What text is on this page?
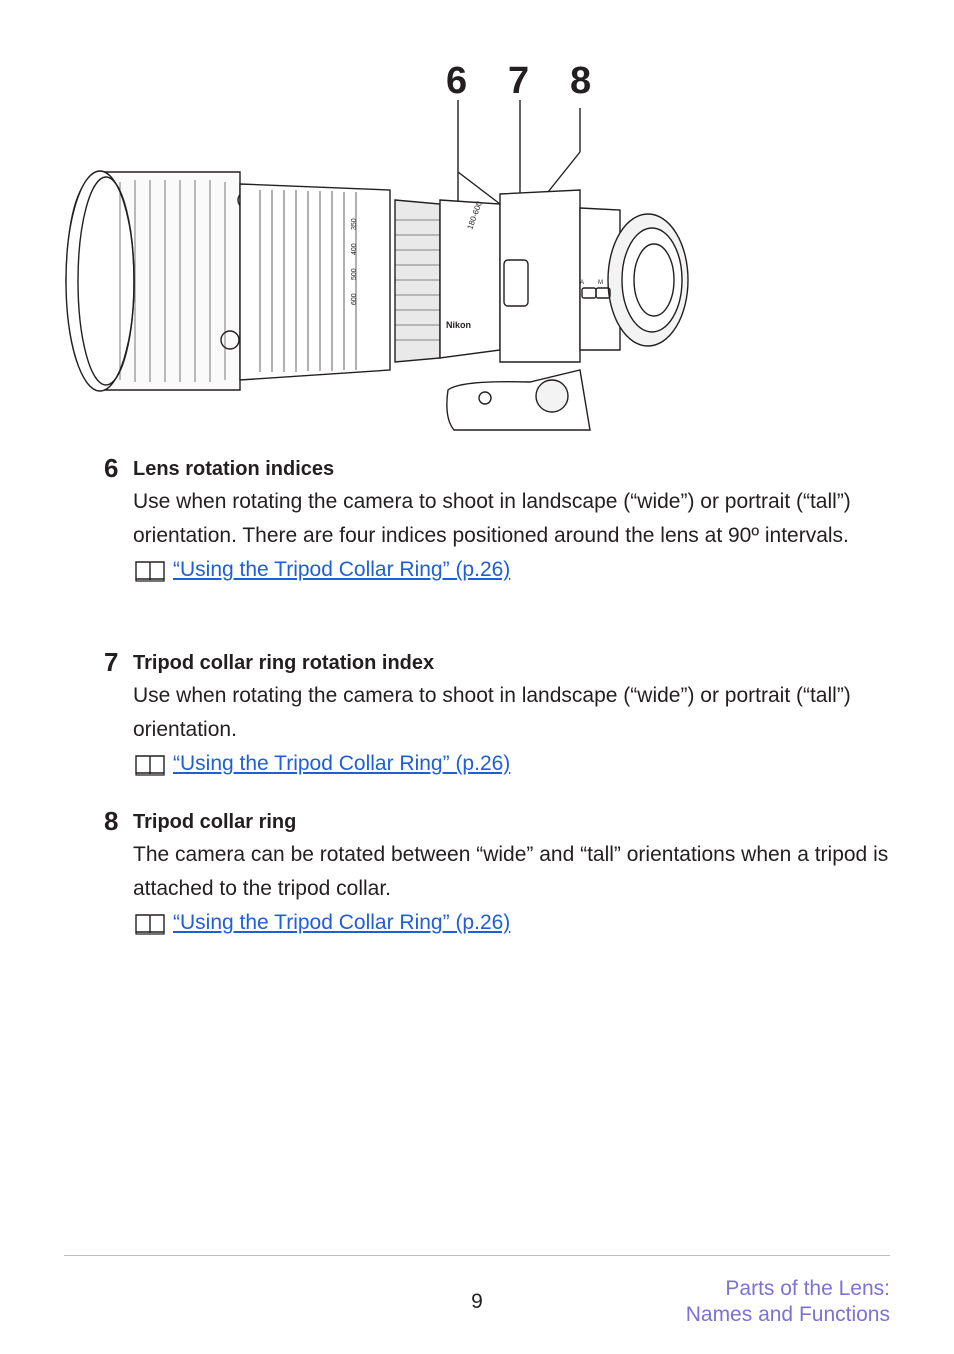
6 7 8
Nikon
180-600
600
500
400
350
A M
6 Lens rotation indices
Use when rotating the camera to shoot in landscape (“wide”) or portrait (“tall”) orientation. There are four indices positioned around the lens at 90º intervals.
“Using the Tripod Collar Ring” (p.26)
7 Tripod collar ring rotation index
Use when rotating the camera to shoot in landscape (“wide”) or portrait (“tall”) orientation.
“Using the Tripod Collar Ring” (p.26)
8 Tripod collar ring
The camera can be rotated between “wide” and “tall” orientations when a tripod is attached to the tripod collar.
“Using the Tripod Collar Ring” (p.26)
9
Parts of the Lens:
Names and Functions
